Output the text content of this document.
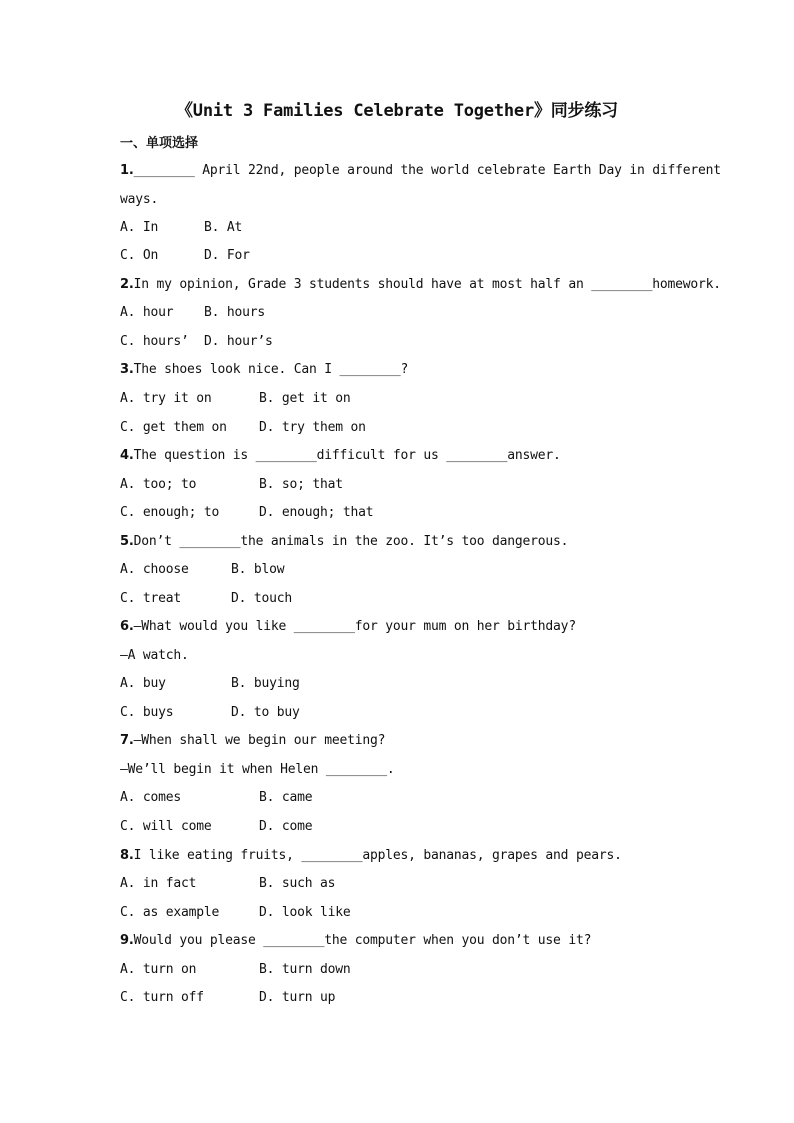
《Unit 3 Families Celebrate Together》同步练习
一、单项选择
1.________ April 22nd, people around the world celebrate Earth Day in different
ways.
A. In	B. At
C. On	D. For
2.In my opinion, Grade 3 students should have at most half an ________homework.
A. hour B. hours
C. hours’ D. hour’s
3.The shoes look nice. Can I ________?
A. try it on	B. get it on
C. get them on D. try them on
4.The question is ________difficult for us ________answer.
A. too; to	B. so; that
C. enough; to	D. enough; that
5.Don’t ________the animals in the zoo. It’s too dangerous.
A. choose	B. blow
C. treat	D. touch
6.—What would you like ________for your mum on her birthday?
—A watch.
A. buy	B. buying
C. buys	D. to buy
7.—When shall we begin our meeting?
—We’ll begin it when Helen ________.
A. comes	B. came
C. will come	D. come
8.I like eating fruits, ________apples, bananas, grapes and pears.
A. in fact	B. such as
C. as example	D. look like
9.Would you please ________the computer when you don’t use it?
A. turn on	B. turn down
C. turn off	D. turn up
